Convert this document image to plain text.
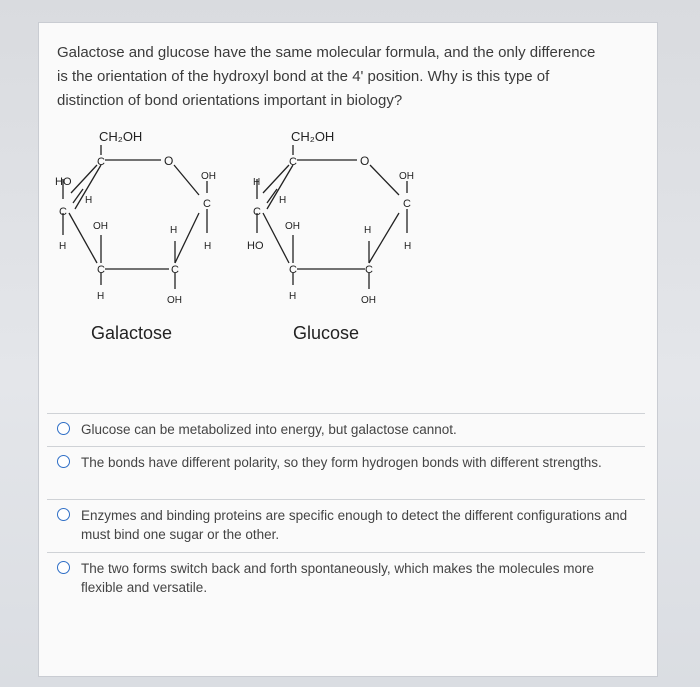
Galactose and glucose have the same molecular formula, and the only difference
is the orientation of the hydroxyl bond at the 4' position. Why is this type of
distinction of bond orientations important in biology?
CH₂OH
C	O
HO
H
C
H
OH
C
H
H
C
OH
OH
C
H
Galactose
CH₂OH
C	O
H
H
C
HO
OH
C
H
H
C
OH
OH
C
H
Glucose
Glucose can be metabolized into energy, but galactose cannot.
The bonds have different polarity, so they form hydrogen bonds with different strengths.
Enzymes and binding proteins are specific enough to detect the different configurations and must bind one sugar or the other.
The two forms switch back and forth spontaneously, which makes the molecules more flexible and versatile.
